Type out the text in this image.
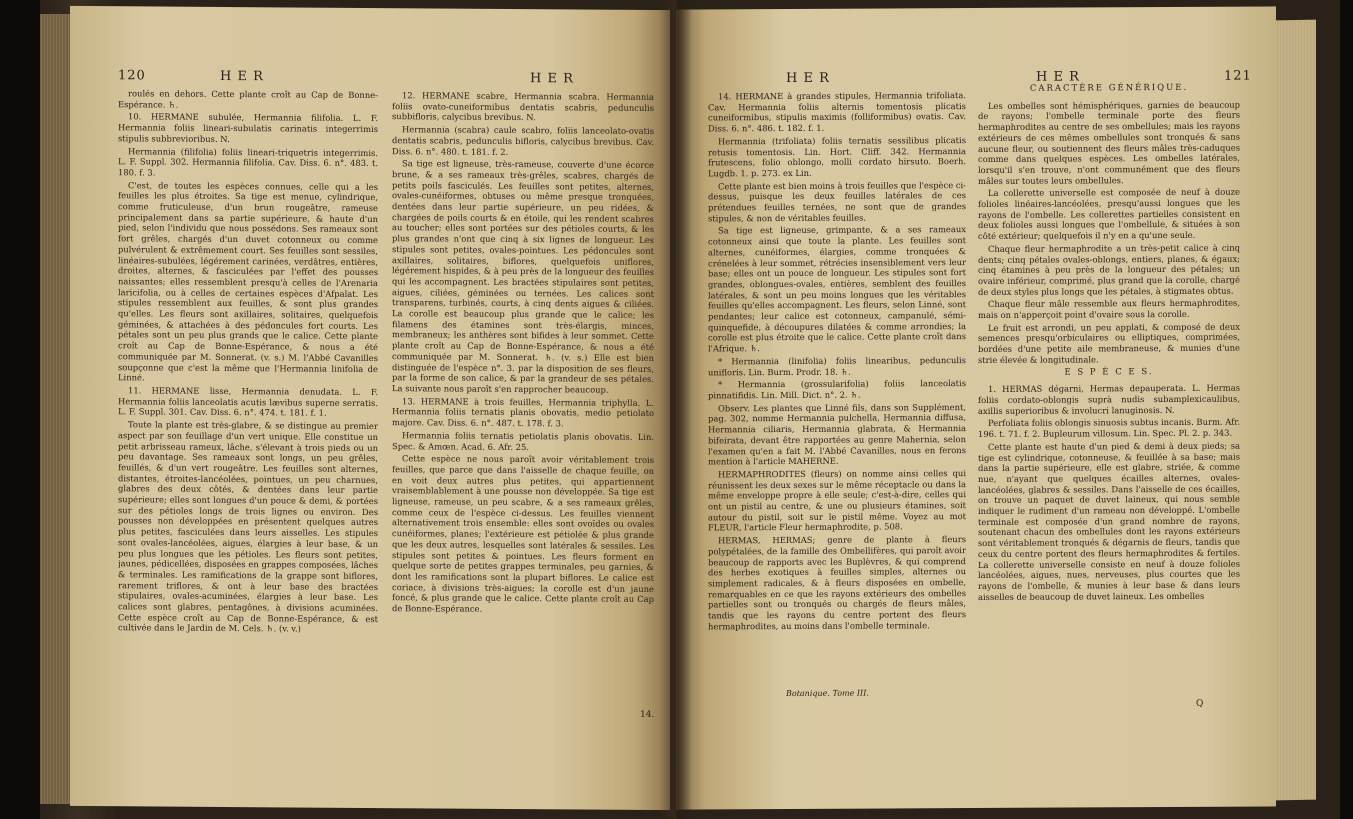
120	H E R	H E R

roulés en dehors. Cette plante croît au Cap de Bonne-Espérance. ♄.

10. HERMANE subulée, Hermannia filifolia. L. F. Hermannia foliis lineari-subulatis carinatis integerrimis stipulis subbrevioribus. N.

Hermannia (filifolia) foliis lineari-triquetris integerrimis. L. F. Suppl. 302. Hermannia filifolia. Cav. Diss. 6. n°. 483. t. 180. f. 3.

C'est, de toutes les espèces connues, celle qui a les feuilles les plus étroites. Sa tige est menue, cylindrique, comme fruticuleuse, d'un brun rougeâtre, rameuse principalement dans sa partie supérieure, & haute d'un pied, selon l'individu que nous possédons. Ses rameaux sont fort grêles, chargés d'un duvet cotonneux ou comme pulvérulent & extrêmement court. Ses feuilles sont sessiles, linéaires-subulées, légérement carinées, verdâtres, entières, droites, alternes, & fasciculées par l'effet des pousses naissantes; elles ressemblent presqu'à celles de l'Arenaria laricifolia, ou à celles de certaines espèces d'Afpalat. Les stipules ressemblent aux feuilles, & sont plus grandes qu'elles. Les fleurs sont axillaires, solitaires, quelquefois géminées, & attachées à des pédoncules fort courts. Les pétales sont un peu plus grands que le calice. Cette plante croît au Cap de Bonne-Espérance, & nous a été communiquée par M. Sonnerat. (v. s.) M. l'Abbé Cavanilles soupçonne que c'est la même que l'Hermannia linifolia de Linné.

11. HERMANE lisse, Hermannia denudata. L. F. Hermannia foliis lanceolatis acutis lævibus superne serratis. L. F. Suppl. 301. Cav. Diss. 6. n°. 474. t. 181. f. 1.

Toute la plante est très-glabre, & se distingue au premier aspect par son feuillage d'un vert unique. Elle constitue un petit arbrisseau rameux, lâche, s'élevant à trois pieds ou un peu davantage. Ses rameaux sont longs, un peu grêles, feuillés, & d'un vert rougeâtre. Les feuilles sont alternes, distantes, étroites-lancéolées, pointues, un peu charnues, glabres des deux côtés, & dentées dans leur partie supérieure; elles sont longues d'un pouce & demi, & portées sur des pétioles longs de trois lignes ou environ. Des pousses non développées en présentent quelques autres plus petites, fasciculées dans leurs aisselles. Les stipules sont ovales-lancéolées, aigues, élargies à leur base, & un peu plus longues que les pétioles. Les fleurs sont petites, jaunes, pédicellées, disposées en grappes composées, lâches & terminales. Les ramifications de la grappe sont biflores, rarement triflores, & ont à leur base des bractées stipulaires, ovales-acuminées, élargies à leur base. Les calices sont glabres, pentagônes, à divisions acuminées. Cette espèce croît au Cap de Bonne-Espérance, & est cultivée dans le Jardin de M. Cels. ♄. (v. v.)

12. HERMANE scabre, Hermannia scabra. Hermannia foliis ovato-cuneiformibus dentatis scabris, pedunculis subbifloris, calycibus brevibus. N.

Hermannia (scabra) caule scabro, foliis lanceolato-ovatis dentatis scabris, pedunculis bifloris, calycibus brevibus. Cav. Diss. 6. n°. 480. t. 181. f. 2.

Sa tige est ligneuse, très-rameuse, couverte d'une écorce brune, & a ses rameaux très-grêles, scabres, chargés de petits poils fasciculés. Les feuilles sont petites, alternes, ovales-cunéiformes, obtuses ou même presque tronquées, dentées dans leur partie supérieure, un peu ridées, & chargées de poils courts & en étoile, qui les rendent scabres au toucher; elles sont portées sur des pétioles courts, & les plus grandes n'ont que cinq à six lignes de longueur. Les stipules sont petites, ovales-pointues. Les pédoncules sont axillaires, solitaires, biflores, quelquefois uniflores, légérement hispides, & à peu près de la longueur des feuilles qui les accompagnent. Les bractées stipulaires sont petites, aigues, ciliées, géminées ou ternées. Les calices sont transparens, turbinés, courts, à cinq dents aigues & ciliées. La corolle est beaucoup plus grande que le calice; les filamens des étamines sont très-élargis, minces, membraneux; les anthères sont bifides à leur sommet. Cette plante croît au Cap de Bonne-Espérance, & nous a été communiquée par M. Sonnerat. ♄. (v. s.) Elle est bien distinguée de l'espèce n°. 3. par la disposition de ses fleurs, par la forme de son calice, & par la grandeur de ses pétales. La suivante nous paroît s'en rapprocher beaucoup.

13. HERMANE à trois feuilles, Hermannia triphylla. L. Hermannia foliis ternatis planis obovatis, medio petiolato majore. Cav. Diss. 6. n°. 487. t. 178. f. 3.

Hermannia foliis ternatis petiolatis planis obovatis. Lin. Spec. & Amœn. Acad. 6. Afr. 25.

Cette espèce ne nous paroît avoir véritablement trois feuilles, que parce que dans l'aisselle de chaque feuille, on en voit deux autres plus petites, qui appartiennent vraisemblablement à une pousse non développée. Sa tige est ligneuse, rameuse, un peu scabre, & a ses rameaux grêles, comme ceux de l'espèce ci-dessus. Les feuilles viennent alternativement trois ensemble: elles sont ovoïdes ou ovales cunéiformes, planes; l'extérieure est pétiolée & plus grande que les deux autres, lesquelles sont latérales & sessiles. Les stipules sont petites & pointues. Les fleurs forment en quelque sorte de petites grappes terminales, peu garnies, & dont les ramifications sont la plupart biflores. Le calice est coriace, à divisions très-aigues; la corolle est d'un jaune foncé, & plus grande que le calice. Cette plante croît au Cap de Bonne-Espérance.

14.
H E R	H E R	121

14. HERMANE à grandes stipules, Hermannia trifoliata. Cav. Hermannia foliis alternis tomentosis plicatis cuneiformibus, stipulis maximis (folliformibus) ovatis. Cav. Diss. 6. n°. 486. t. 182. f. 1.

Hermannia (trifoliata) foliis ternatis sessilibus plicatis retusis tomentosis. Lin. Hort. Cliff. 342. Hermannia frutescens, folio oblongo, molli cordato hirsuto. Boerh. Lugdb. 1. p. 273. ex Lin.

Cette plante est bien moins à trois feuilles que l'espèce ci-dessus, puisque les deux feuilles latérales de ces prétendues feuilles ternées, ne sont que de grandes stipules, & non de véritables feuilles.

Sa tige est ligneuse, grimpante, & a ses rameaux cotonneux ainsi que toute la plante. Les feuilles sont alternes, cunéiformes, élargies, comme tronquées & crénelées à leur sommet, rétrécies insensiblement vers leur base; elles ont un pouce de longueur. Les stipules sont fort grandes, oblongues-ovales, entières, semblent des feuilles latérales, & sont un peu moins longues que les véritables feuilles qu'elles accompagnent. Les fleurs, selon Linné, sont pendantes; leur calice est cotonneux, campanulé, sémi-quinquefide, à découpures dilatées & comme arrondies; la corolle est plus étroite que le calice. Cette plante croît dans l'Afrique. ♄.

* Hermannia (linifolia) foliis linearibus, pedunculis unifloris. Lin. Burm. Prodr. 18. ♄.

* Hermannia (grossularifolia) foliis lanceolatis pinnatifidis. Lin. Mill. Dict. n°. 2. ♄.

Observ. Les plantes que Linné fils, dans son Supplément, pag. 302, nomme Hermannia pulchella, Hermannia diffusa, Hermannia ciliaris, Hermannia glabrata, & Hermannia bifeirata, devant être rapportées au genre Mahernia, selon l'examen qu'en a fait M. l'Abbé Cavanilles, nous en ferons mention à l'article MAHERNE.

HERMAPHRODITES (fleurs) on nomme ainsi celles qui réunissent les deux sexes sur le même réceptacle ou dans la même enveloppe propre à elle seule; c'est-à-dire, celles qui ont un pistil au centre, & une ou plusieurs étamines, soit autour du pistil, soit sur le pistil même. Voyez au mot FLEUR, l'article Fleur hermaphrodite, p. 508.

HERMAS, HERMAS; genre de plante à fleurs polypétalées, de la famille des Ombellifères, qui paroît avoir beaucoup de rapports avec les Buplèvres, & qui comprend des herbes exotiques à feuilles simples, alternes ou simplement radicales, & à fleurs disposées en ombelle, remarquables en ce que les rayons extérieurs des ombelles partielles sont ou tronqués ou chargés de fleurs mâles, tandis que les rayons du centre portent des fleurs hermaphrodites, au moins dans l'ombelle terminale.

Botanique. Tome III.
CARACTÈRE GÉNÉRIQUE.

Les ombelles sont hémisphériques, garnies de beaucoup de rayons; l'ombelle terminale porte des fleurs hermaphrodites au centre de ses ombellules; mais les rayons extérieurs de ces mêmes ombellules sont tronqués & sans aucune fleur, ou soutiennent des fleurs mâles très-caduques comme dans quelques espèces. Les ombelles latérales, lorsqu'il s'en trouve, n'ont communément que des fleurs mâles sur toutes leurs ombellules.

La collerette universelle est composée de neuf à douze folioles linéaires-lancéolées, presqu'aussi longues que les rayons de l'ombelle. Les collerettes partielles consistent en deux folioles aussi longues que l'ombellule, & situées à son côté extérieur; quelquefois il n'y en a qu'une seule.

Chaque fleur hermaphrodite a un très-petit calice à cinq dents; cinq pétales ovales-oblongs, entiers, planes, & égaux; cinq étamines à peu près de la longueur des pétales; un ovaire inférieur, comprimé, plus grand que la corolle, chargé de deux styles plus longs que les pétales, à stigmates obtus.

Chaque fleur mâle ressemble aux fleurs hermaphrodites, mais on n'apperçoit point d'ovaire sous la corolle.

Le fruit est arrondi, un peu applati, & composé de deux semences presqu'orbiculaires ou elliptiques, comprimées, bordées d'une petite aile membraneuse, & munies d'une strie élevée & longitudinale.

E S P È C E S.

1. HERMAS dégarni, Hermas depauperata. L. Hermas foliis cordato-oblongis suprà nudis subamplexicaulibus, axillis superioribus & involucri lanuginosis. N.

Perfoliata foliis oblongis sinuosis subtus incanis. Burm. Afr. 196. t. 71. f. 2. Bupleurum villosum. Lin. Spec. Pl. 2. p. 343.

Cette plante est haute d'un pied & demi à deux pieds; sa tige est cylindrique, cotonneuse, & feuillée à sa base; mais dans la partie supérieure, elle est glabre, striée, & comme nue, n'ayant que quelques écailles alternes, ovales-lancéolées, glabres & sessiles. Dans l'aisselle de ces écailles, on trouve un paquet de duvet laineux, qui nous semble indiquer le rudiment d'un rameau non développé. L'ombelle terminale est composée d'un grand nombre de rayons, soutenant chacun des ombellules dont les rayons extérieurs sont véritablement tronqués & dégarnis de fleurs, tandis que ceux du centre portent des fleurs hermaphrodites & fertiles. La collerette universelle consiste en neuf à douze folioles lancéolées, aigues, nues, nerveuses, plus courtes que les rayons de l'ombelle, & munies à leur base & dans leurs aisselles de beaucoup de duvet laineux. Les ombelles

Q
